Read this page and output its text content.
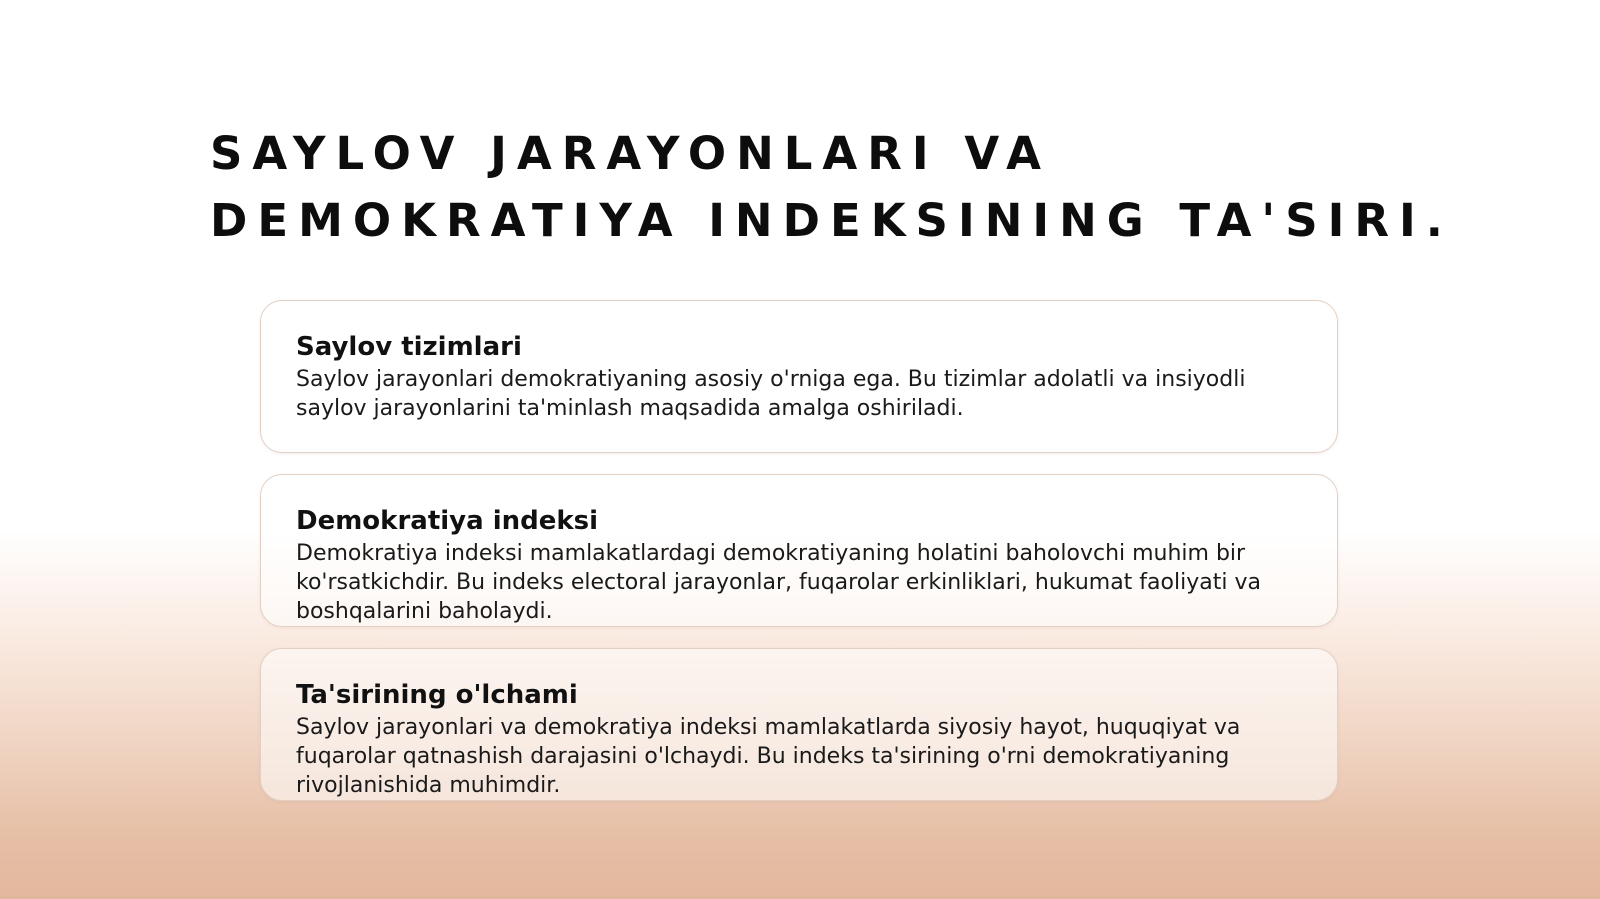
SAYLOV JARAYONLARI VA
DEMOKRATIYA INDEKSINING TA'SIRI.
Saylov tizimlari

Saylov jarayonlari demokratiyaning asosiy o'rniga ega. Bu tizimlar adolatli va insiyodli saylov jarayonlarini ta'minlash maqsadida amalga oshiriladi.

Demokratiya indeksi

Demokratiya indeksi mamlakatlardagi demokratiyaning holatini baholovchi muhim bir ko'rsatkichdir. Bu indeks electoral jarayonlar, fuqarolar erkinliklari, hukumat faoliyati va boshqalarini baholaydi.

Ta'sirining o'lchami

Saylov jarayonlari va demokratiya indeksi mamlakatlarda siyosiy hayot, huquqiyat va fuqarolar qatnashish darajasini o'lchaydi. Bu indeks ta'sirining o'rni demokratiyaning rivojlanishida muhimdir.
